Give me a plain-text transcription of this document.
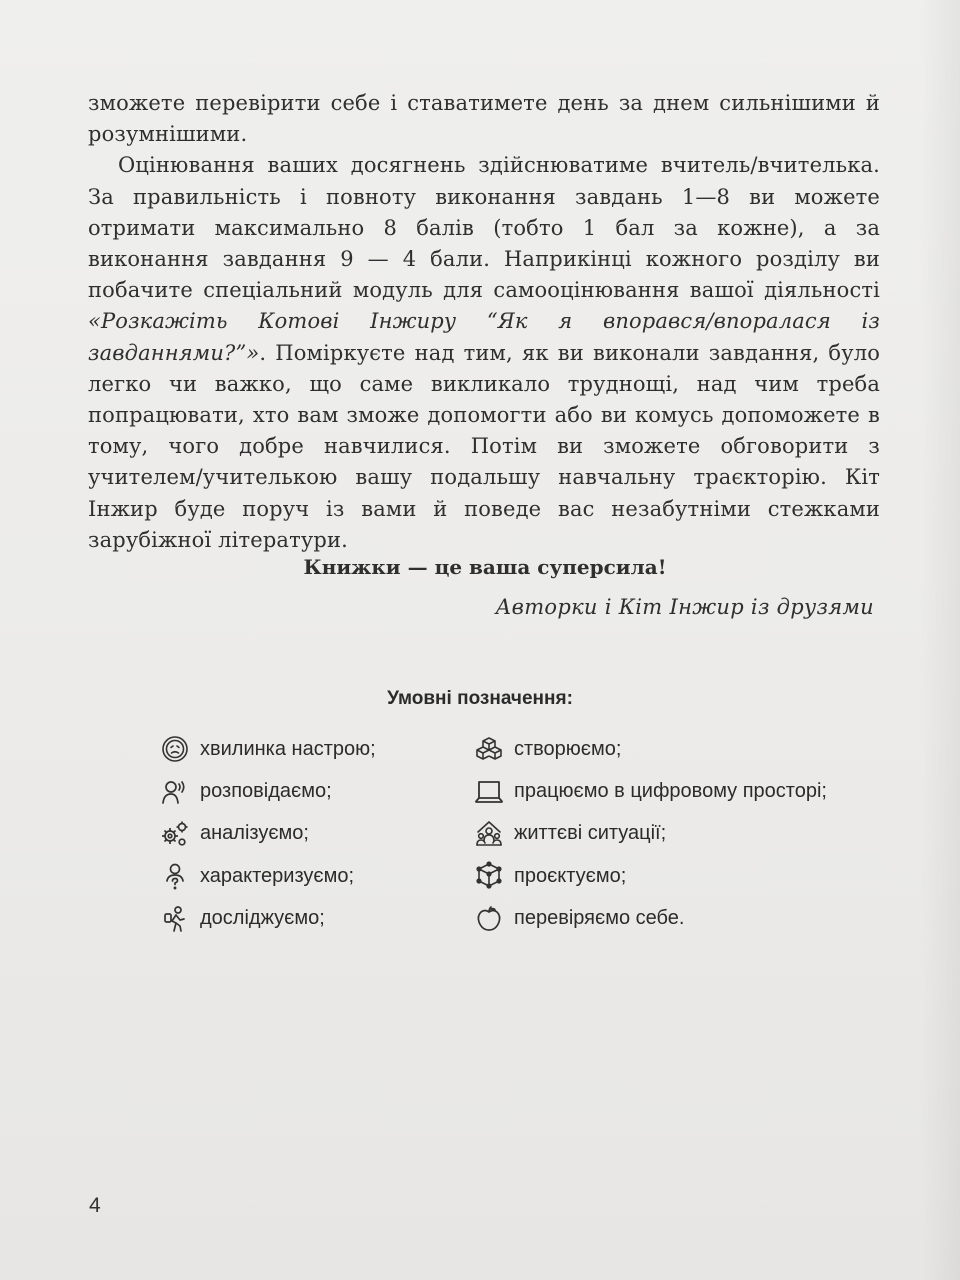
зможете перевірити себе і ставатимете день за днем сильнішими й розумнішими.

Оцінювання ваших досягнень здійснюватиме вчитель/вчителька. За правильність і повноту виконання завдань 1—8 ви можете отримати максимально 8 балів (тобто 1 бал за кожне), а за виконання завдання 9 — 4 бали. Наприкінці кожного розділу ви побачите спеціальний модуль для самооцінювання вашої діяльності «Розкажіть Котові Інжиру “Як я впорався/впоралася із завданнями?”». Поміркуєте над тим, як ви виконали завдання, було легко чи важко, що саме викликало труднощі, над чим треба попрацювати, хто вам зможе допомогти або ви комусь допоможете в тому, чого добре навчилися. Потім ви зможете обговорити з учителем/учителькою вашу подальшу навчальну траєкторію. Кіт Інжир буде поруч із вами й поведе вас незабутніми стежками зарубіжної літератури.

Книжки — це ваша суперсила!
Авторки і Кіт Інжир із друзями
Умовні позначення:
хвилинка настрою;
розповідаємо;
аналізуємо;
характеризуємо;
досліджуємо;
створюємо;
працюємо в цифровому просторі;
життєві ситуації;
проєктуємо;
перевіряємо себе.
4
